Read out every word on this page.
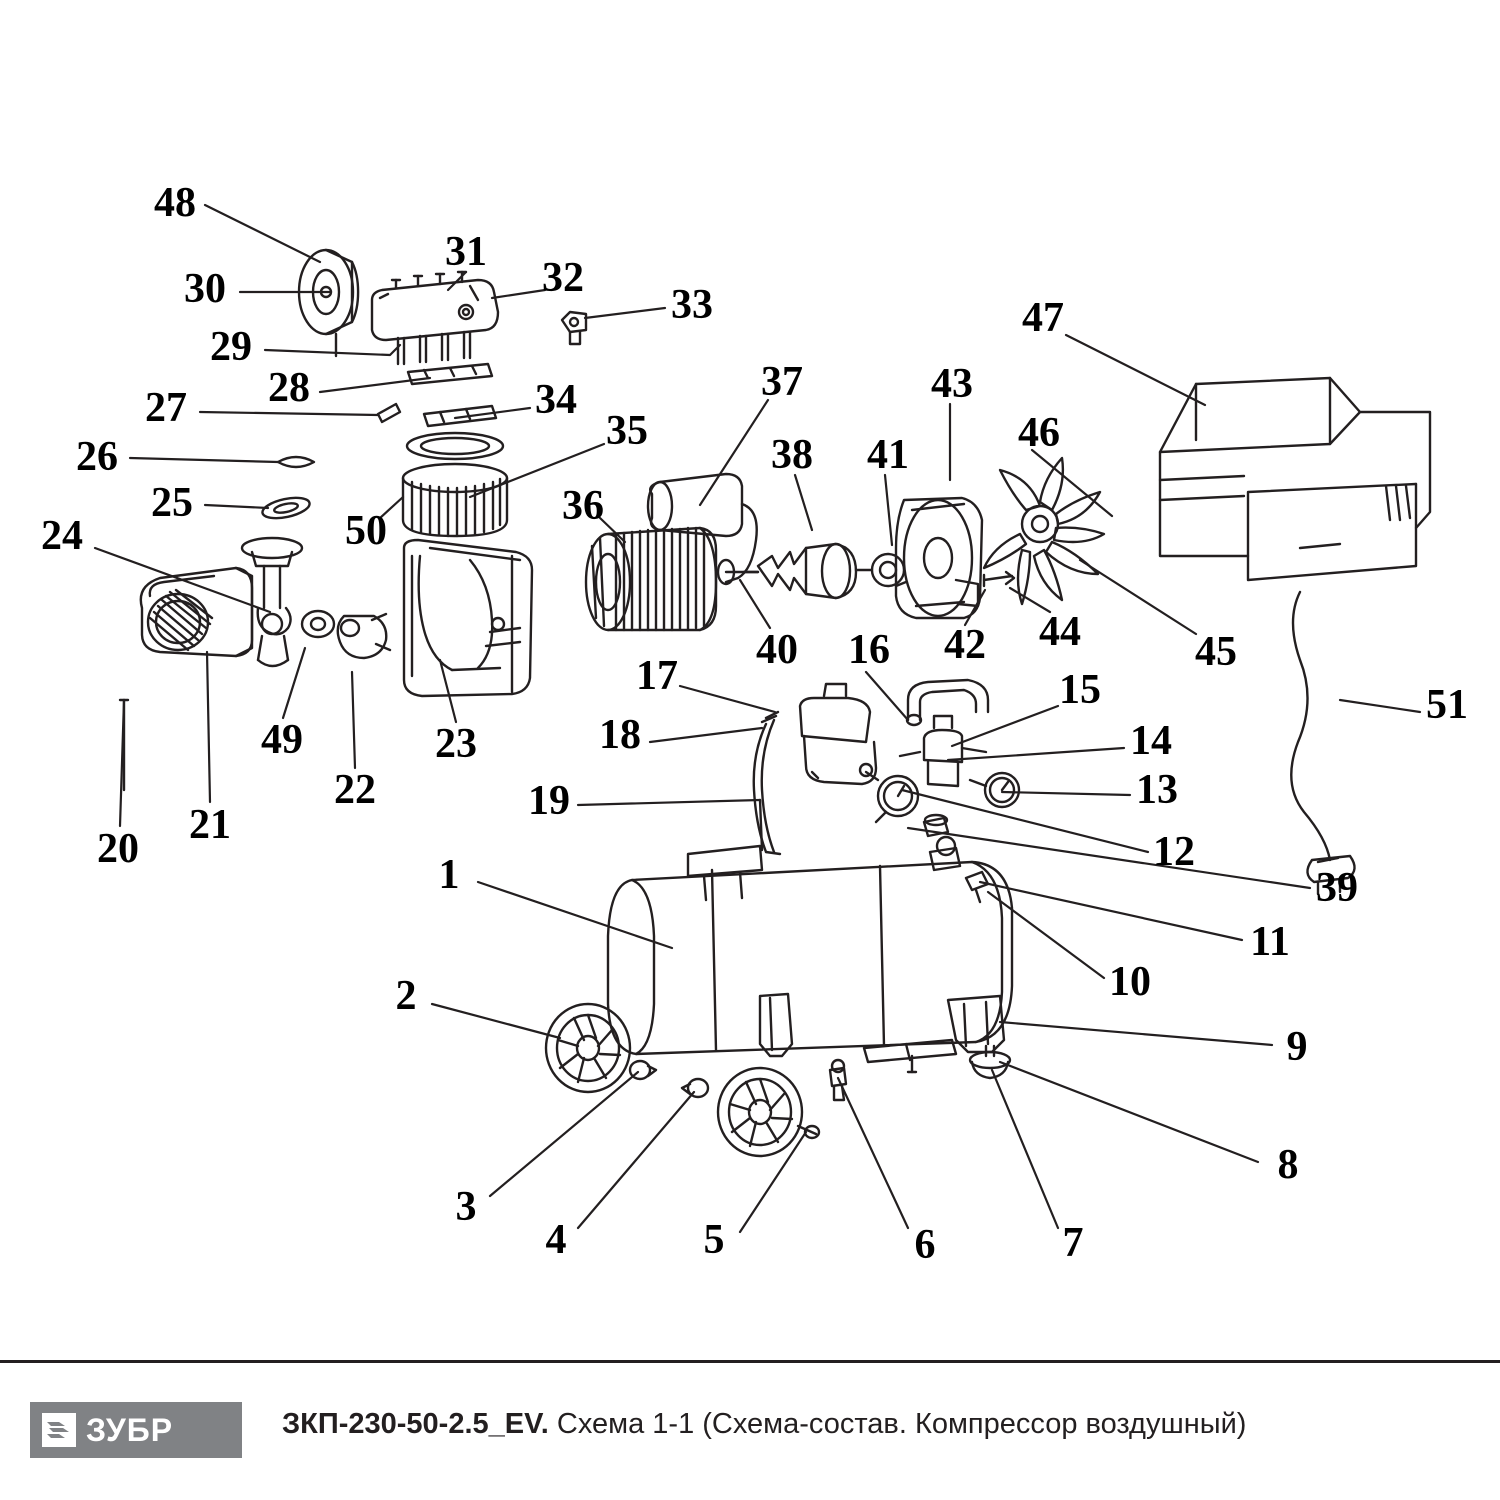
48
31
32
30	33	47
29
28	37	43
34
27	35
38 41	46
26
25	36
50
24
40 16 42 44	45
17	15	51
18	14
49	23
13
19
22
21
20	12
39
1
11
10
2
9
8
3
4	5	6	7
ЗУБР	ЗКП-230-50-2.5_EV. Схема 1-1 (Схема-состав. Компрессор воздушный)
